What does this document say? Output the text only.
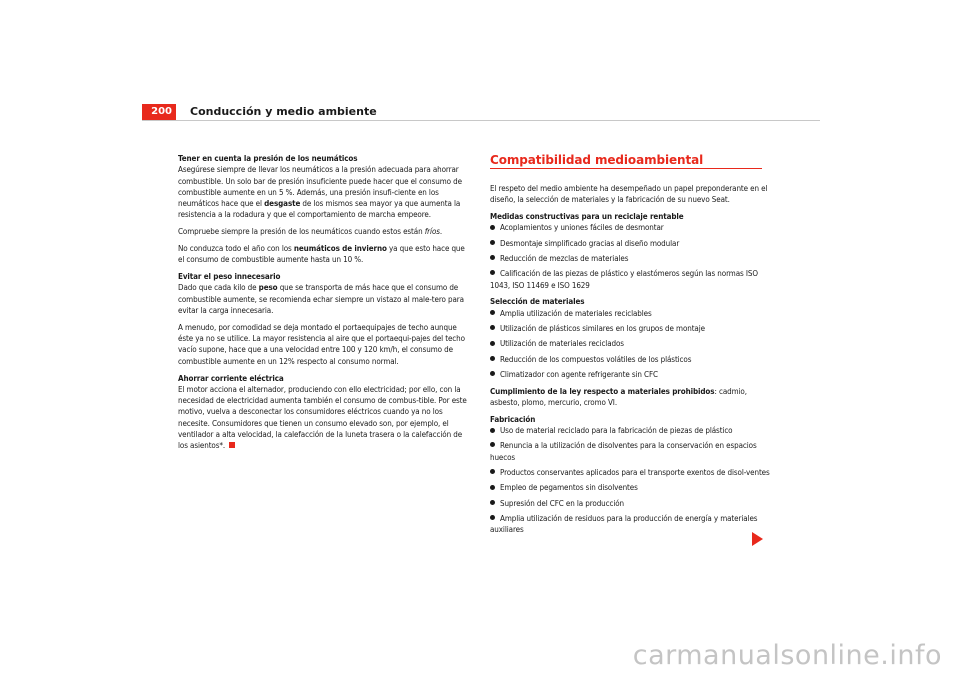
200	Conducción y medio ambiente

Tener en cuenta la presión de los neumáticos

Asegúrese siempre de llevar los neumáticos a la presión adecuada para ahorrar combustible. Un solo bar de presión insuficiente puede hacer que el consumo de combustible aumente en un 5 %. Además, una presión insufi-ciente en los neumáticos hace que el desgaste de los mismos sea mayor ya que aumenta la resistencia a la rodadura y que el comportamiento de marcha empeore.

Compruebe siempre la presión de los neumáticos cuando estos están fríos.

No conduzca todo el año con los neumáticos de invierno ya que esto hace que el consumo de combustible aumente hasta un 10 %.

Evitar el peso innecesario

Dado que cada kilo de peso que se transporta de más hace que el consumo de combustible aumente, se recomienda echar siempre un vistazo al male-tero para evitar la carga innecesaria.

A menudo, por comodidad se deja montado el portaequipajes de techo aunque éste ya no se utilice. La mayor resistencia al aire que el portaequi-pajes del techo vacío supone, hace que a una velocidad entre 100 y 120 km/h, el consumo de combustible aumente en un 12% respecto al consumo normal.

Ahorrar corriente eléctrica

El motor acciona el alternador, produciendo con ello electricidad; por ello, con la necesidad de electricidad aumenta también el consumo de combus-tible. Por este motivo, vuelva a desconectar los consumidores eléctricos cuando ya no los necesite. Consumidores que tienen un consumo elevado son, por ejemplo, el ventilador a alta velocidad, la calefacción de la luneta trasera o la calefacción de los asientos*.

Compatibilidad medioambiental

El respeto del medio ambiente ha desempeñado un papel preponderante en el diseño, la selección de materiales y la fabricación de su nuevo Seat.

Medidas constructivas para un reciclaje rentable

Acoplamientos y uniones fáciles de desmontar
Desmontaje simplificado gracias al diseño modular
Reducción de mezclas de materiales
Calificación de las piezas de plástico y elastómeros según las normas ISO 1043, ISO 11469 e ISO 1629

Selección de materiales

Amplia utilización de materiales reciclables
Utilización de plásticos similares en los grupos de montaje
Utilización de materiales reciclados
Reducción de los compuestos volátiles de los plásticos
Climatizador con agente refrigerante sin CFC

Cumplimiento de la ley respecto a materiales prohibidos: cadmio, asbesto, plomo, mercurio, cromo VI.

Fabricación

Uso de material reciclado para la fabricación de piezas de plástico
Renuncia a la utilización de disolventes para la conservación en espacios huecos
Productos conservantes aplicados para el transporte exentos de disol-ventes
Empleo de pegamentos sin disolventes
Supresión del CFC en la producción
Amplia utilización de residuos para la producción de energía y materiales auxiliares
carmanualsonline.info
